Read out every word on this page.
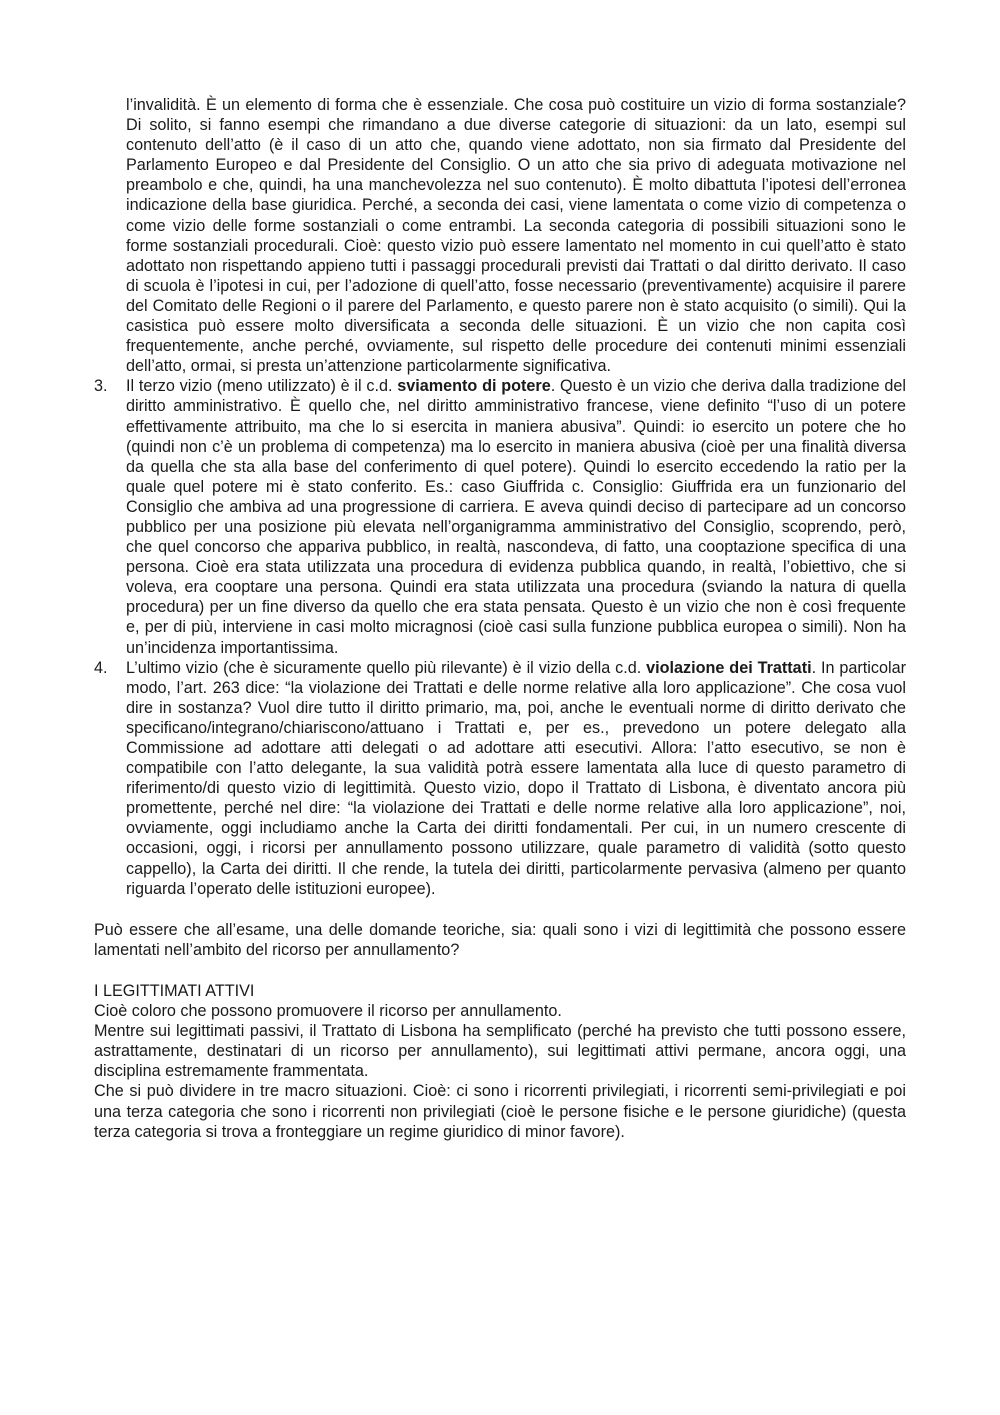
l’invalidità. È un elemento di forma che è essenziale. Che cosa può costituire un vizio di forma sostanziale? Di solito, si fanno esempi che rimandano a due diverse categorie di situazioni: da un lato, esempi sul contenuto dell’atto (è il caso di un atto che, quando viene adottato, non sia firmato dal Presidente del Parlamento Europeo e dal Presidente del Consiglio. O un atto che sia privo di adeguata motivazione nel preambolo e che, quindi, ha una manchevolezza nel suo contenuto). È molto dibattuta l’ipotesi dell’erronea indicazione della base giuridica. Perché, a seconda dei casi, viene lamentata o come vizio di competenza o come vizio delle forme sostanziali o come entrambi. La seconda categoria di possibili situazioni sono le forme sostanziali procedurali. Cioè: questo vizio può essere lamentato nel momento in cui quell’atto è stato adottato non rispettando appieno tutti i passaggi procedurali previsti dai Trattati o dal diritto derivato. Il caso di scuola è l’ipotesi in cui, per l’adozione di quell’atto, fosse necessario (preventivamente) acquisire il parere del Comitato delle Regioni o il parere del Parlamento, e questo parere non è stato acquisito (o simili). Qui la casistica può essere molto diversificata a seconda delle situazioni. È un vizio che non capita così frequentemente, anche perché, ovviamente, sul rispetto delle procedure dei contenuti minimi essenziali dell’atto, ormai, si presta un’attenzione particolarmente significativa.

3. Il terzo vizio (meno utilizzato) è il c.d. sviamento di potere. Questo è un vizio che deriva dalla tradizione del diritto amministrativo. È quello che, nel diritto amministrativo francese, viene definito “l’uso di un potere effettivamente attribuito, ma che lo si esercita in maniera abusiva”. Quindi: io esercito un potere che ho (quindi non c’è un problema di competenza) ma lo esercito in maniera abusiva (cioè per una finalità diversa da quella che sta alla base del conferimento di quel potere). Quindi lo esercito eccedendo la ratio per la quale quel potere mi è stato conferito. Es.: caso Giuffrida c. Consiglio: Giuffrida era un funzionario del Consiglio che ambiva ad una progressione di carriera. E aveva quindi deciso di partecipare ad un concorso pubblico per una posizione più elevata nell’organigramma amministrativo del Consiglio, scoprendo, però, che quel concorso che appariva pubblico, in realtà, nascondeva, di fatto, una cooptazione specifica di una persona. Cioè era stata utilizzata una procedura di evidenza pubblica quando, in realtà, l’obiettivo, che si voleva, era cooptare una persona. Quindi era stata utilizzata una procedura (sviando la natura di quella procedura) per un fine diverso da quello che era stata pensata. Questo è un vizio che non è così frequente e, per di più, interviene in casi molto micragnosi (cioè casi sulla funzione pubblica europea o simili). Non ha un’incidenza importantissima.

4. L’ultimo vizio (che è sicuramente quello più rilevante) è il vizio della c.d. violazione dei Trattati. In particolar modo, l’art. 263 dice: “la violazione dei Trattati e delle norme relative alla loro applicazione”. Che cosa vuol dire in sostanza? Vuol dire tutto il diritto primario, ma, poi, anche le eventuali norme di diritto derivato che specificano/integrano/chiariscono/attuano i Trattati e, per es., prevedono un potere delegato alla Commissione ad adottare atti delegati o ad adottare atti esecutivi. Allora: l’atto esecutivo, se non è compatibile con l’atto delegante, la sua validità potrà essere lamentata alla luce di questo parametro di riferimento/di questo vizio di legittimità. Questo vizio, dopo il Trattato di Lisbona, è diventato ancora più promettente, perché nel dire: “la violazione dei Trattati e delle norme relative alla loro applicazione”, noi, ovviamente, oggi includiamo anche la Carta dei diritti fondamentali. Per cui, in un numero crescente di occasioni, oggi, i ricorsi per annullamento possono utilizzare, quale parametro di validità (sotto questo cappello), la Carta dei diritti. Il che rende, la tutela dei diritti, particolarmente pervasiva (almeno per quanto riguarda l’operato delle istituzioni europee).

Può essere che all’esame, una delle domande teoriche, sia: quali sono i vizi di legittimità che possono essere lamentati nell’ambito del ricorso per annullamento?

I LEGITTIMATI ATTIVI

Cioè coloro che possono promuovere il ricorso per annullamento.

Mentre sui legittimati passivi, il Trattato di Lisbona ha semplificato (perché ha previsto che tutti possono essere, astrattamente, destinatari di un ricorso per annullamento), sui legittimati attivi permane, ancora oggi, una disciplina estremamente frammentata.

Che si può dividere in tre macro situazioni. Cioè: ci sono i ricorrenti privilegiati, i ricorrenti semi-privilegiati e poi una terza categoria che sono i ricorrenti non privilegiati (cioè le persone fisiche e le persone giuridiche) (questa terza categoria si trova a fronteggiare un regime giuridico di minor favore).
